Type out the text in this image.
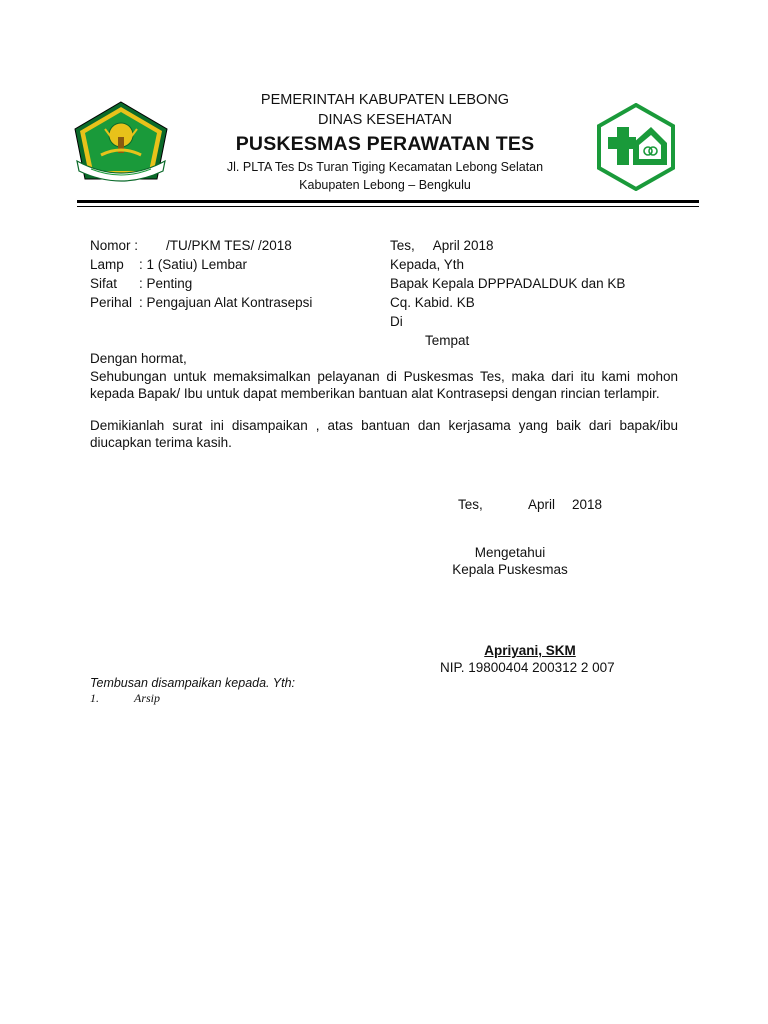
PEMERINTAH KABUPATEN LEBONG
DINAS KESEHATAN
PUSKESMAS PERAWATAN TES
Jl. PLTA Tes Ds Turan Tiging Kecamatan Lebong Selatan
Kabupaten Lebong – Bengkulu
Nomor : /TU/PKM TES/ /2018
Lamp : 1 (Satiu) Lembar
Sifat : Penting
Perihal : Pengajuan Alat Kontrasepsi
Tes,     April 2018
Kepada, Yth
Bapak Kepala DPPPADALDUK dan KB
Cq. Kabid. KB
Di
Tempat
Dengan hormat,
Sehubungan untuk memaksimalkan pelayanan di Puskesmas Tes, maka dari itu kami mohon kepada Bapak/ Ibu untuk dapat memberikan bantuan alat Kontrasepsi dengan rincian terlampir.
Demikianlah surat ini disampaikan , atas bantuan dan kerjasama yang baik dari bapak/ibu diucapkan terima kasih.
Tes,	April 2018
Mengetahui
Kepala Puskesmas
Apriyani, SKM
NIP. 19800404 200312 2 007
Tembusan disampaikan kepada. Yth:
1.	Arsip
